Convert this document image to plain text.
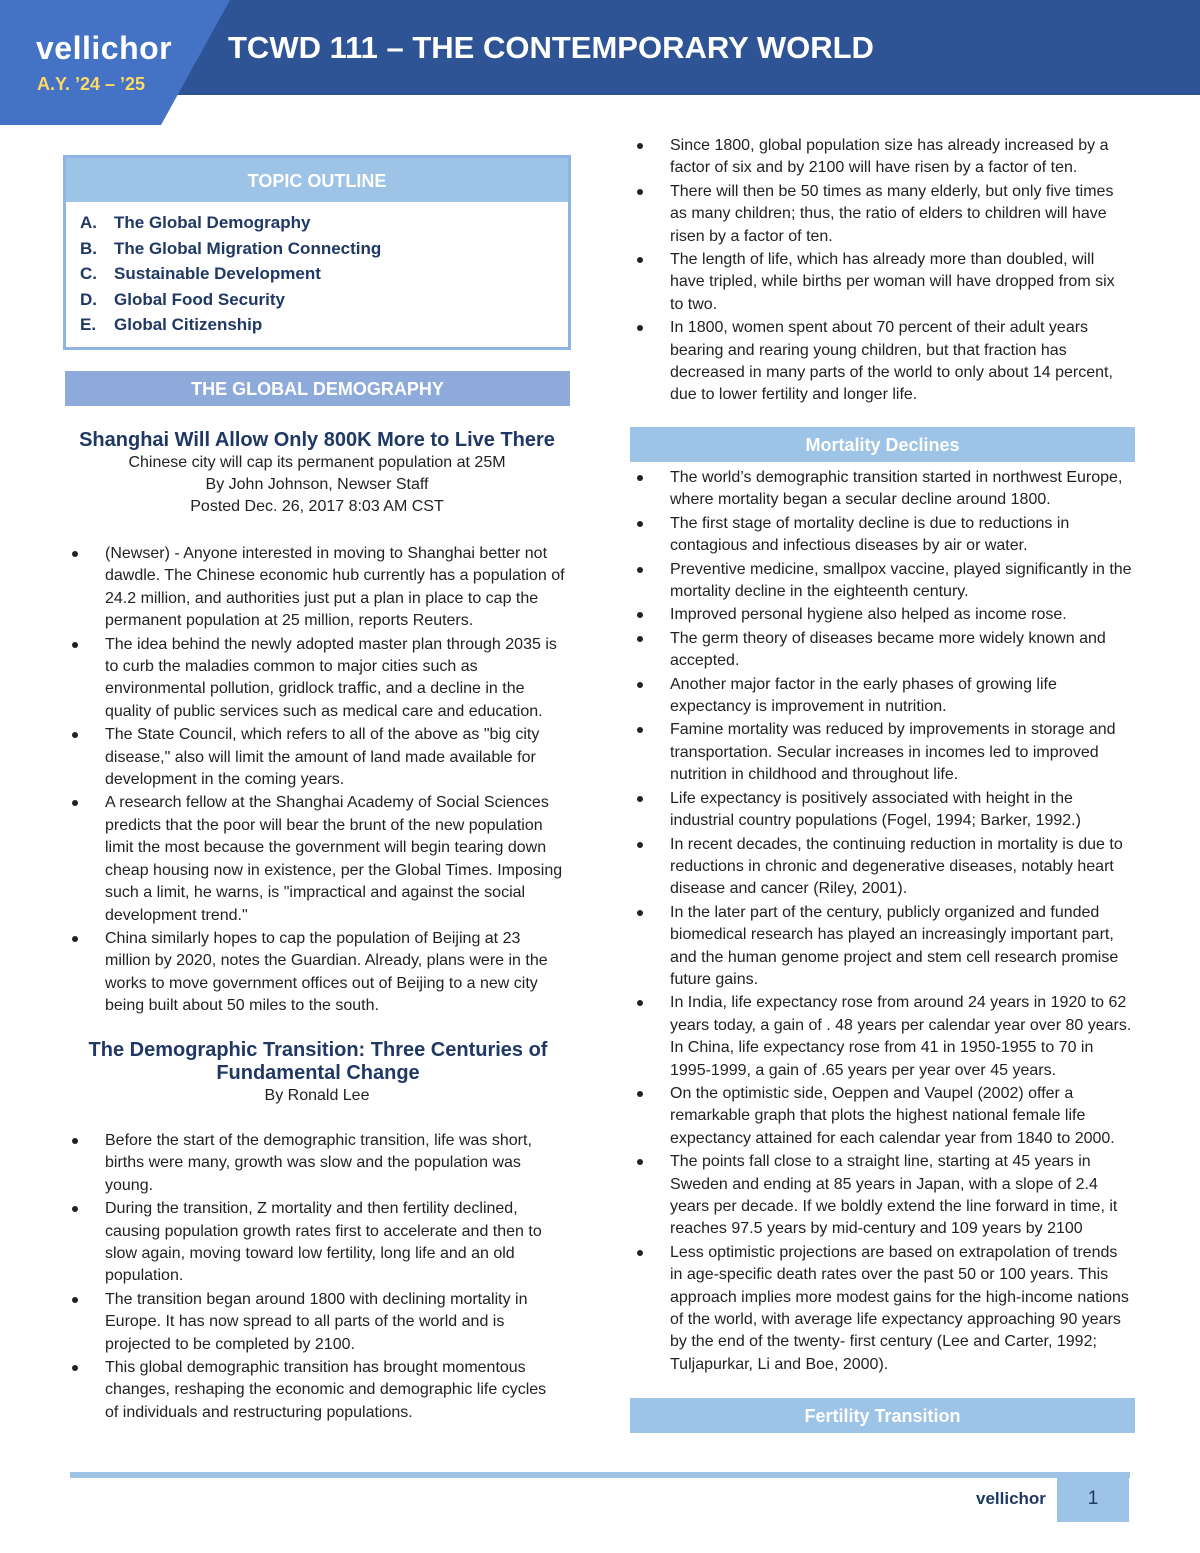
vellichor
A.Y. ’24 – ’25
TCWD 111 – THE CONTEMPORARY WORLD
TOPIC OUTLINE
A. The Global Demography
B. The Global Migration Connecting
C. Sustainable Development
D. Global Food Security
E. Global Citizenship
THE GLOBAL DEMOGRAPHY
Shanghai Will Allow Only 800K More to Live There
Chinese city will cap its permanent population at 25M
By John Johnson, Newser Staff
Posted Dec. 26, 2017 8:03 AM CST
(Newser) - Anyone interested in moving to Shanghai better not dawdle. The Chinese economic hub currently has a population of 24.2 million, and authorities just put a plan in place to cap the permanent population at 25 million, reports Reuters.
The idea behind the newly adopted master plan through 2035 is to curb the maladies common to major cities such as environmental pollution, gridlock traffic, and a decline in the quality of public services such as medical care and education.
The State Council, which refers to all of the above as "big city disease," also will limit the amount of land made available for development in the coming years.
A research fellow at the Shanghai Academy of Social Sciences predicts that the poor will bear the brunt of the new population limit the most because the government will begin tearing down cheap housing now in existence, per the Global Times. Imposing such a limit, he warns, is "impractical and against the social development trend."
China similarly hopes to cap the population of Beijing at 23 million by 2020, notes the Guardian. Already, plans were in the works to move government offices out of Beijing to a new city being built about 50 miles to the south.
The Demographic Transition: Three Centuries of Fundamental Change
By Ronald Lee
Before the start of the demographic transition, life was short, births were many, growth was slow and the population was young.
During the transition, Z mortality and then fertility declined, causing population growth rates first to accelerate and then to slow again, moving toward low fertility, long life and an old population.
The transition began around 1800 with declining mortality in Europe. It has now spread to all parts of the world and is projected to be completed by 2100.
This global demographic transition has brought momentous changes, reshaping the economic and demographic life cycles of individuals and restructuring populations.
Since 1800, global population size has already increased by a factor of six and by 2100 will have risen by a factor of ten.
There will then be 50 times as many elderly, but only five times as many children; thus, the ratio of elders to children will have risen by a factor of ten.
The length of life, which has already more than doubled, will have tripled, while births per woman will have dropped from six to two.
In 1800, women spent about 70 percent of their adult years bearing and rearing young children, but that fraction has decreased in many parts of the world to only about 14 percent, due to lower fertility and longer life.
Mortality Declines
The world’s demographic transition started in northwest Europe, where mortality began a secular decline around 1800.
The first stage of mortality decline is due to reductions in contagious and infectious diseases by air or water.
Preventive medicine, smallpox vaccine, played significantly in the mortality decline in the eighteenth century.
Improved personal hygiene also helped as income rose.
The germ theory of diseases became more widely known and accepted.
Another major factor in the early phases of growing life expectancy is improvement in nutrition.
Famine mortality was reduced by improvements in storage and transportation. Secular increases in incomes led to improved nutrition in childhood and throughout life.
Life expectancy is positively associated with height in the industrial country populations (Fogel, 1994; Barker, 1992.)
In recent decades, the continuing reduction in mortality is due to reductions in chronic and degenerative diseases, notably heart disease and cancer (Riley, 2001).
In the later part of the century, publicly organized and funded biomedical research has played an increasingly important part, and the human genome project and stem cell research promise future gains.
In India, life expectancy rose from around 24 years in 1920 to 62 years today, a gain of . 48 years per calendar year over 80 years. In China, life expectancy rose from 41 in 1950-1955 to 70 in 1995-1999, a gain of .65 years per year over 45 years.
On the optimistic side, Oeppen and Vaupel (2002) offer a remarkable graph that plots the highest national female life expectancy attained for each calendar year from 1840 to 2000.
The points fall close to a straight line, starting at 45 years in Sweden and ending at 85 years in Japan, with a slope of 2.4 years per decade. If we boldly extend the line forward in time, it reaches 97.5 years by mid-century and 109 years by 2100
Less optimistic projections are based on extrapolation of trends in age-specific death rates over the past 50 or 100 years. This approach implies more modest gains for the high-income nations of the world, with average life expectancy approaching 90 years by the end of the twenty- first century (Lee and Carter, 1992; Tuljapurkar, Li and Boe, 2000).
Fertility Transition
vellichor	1
